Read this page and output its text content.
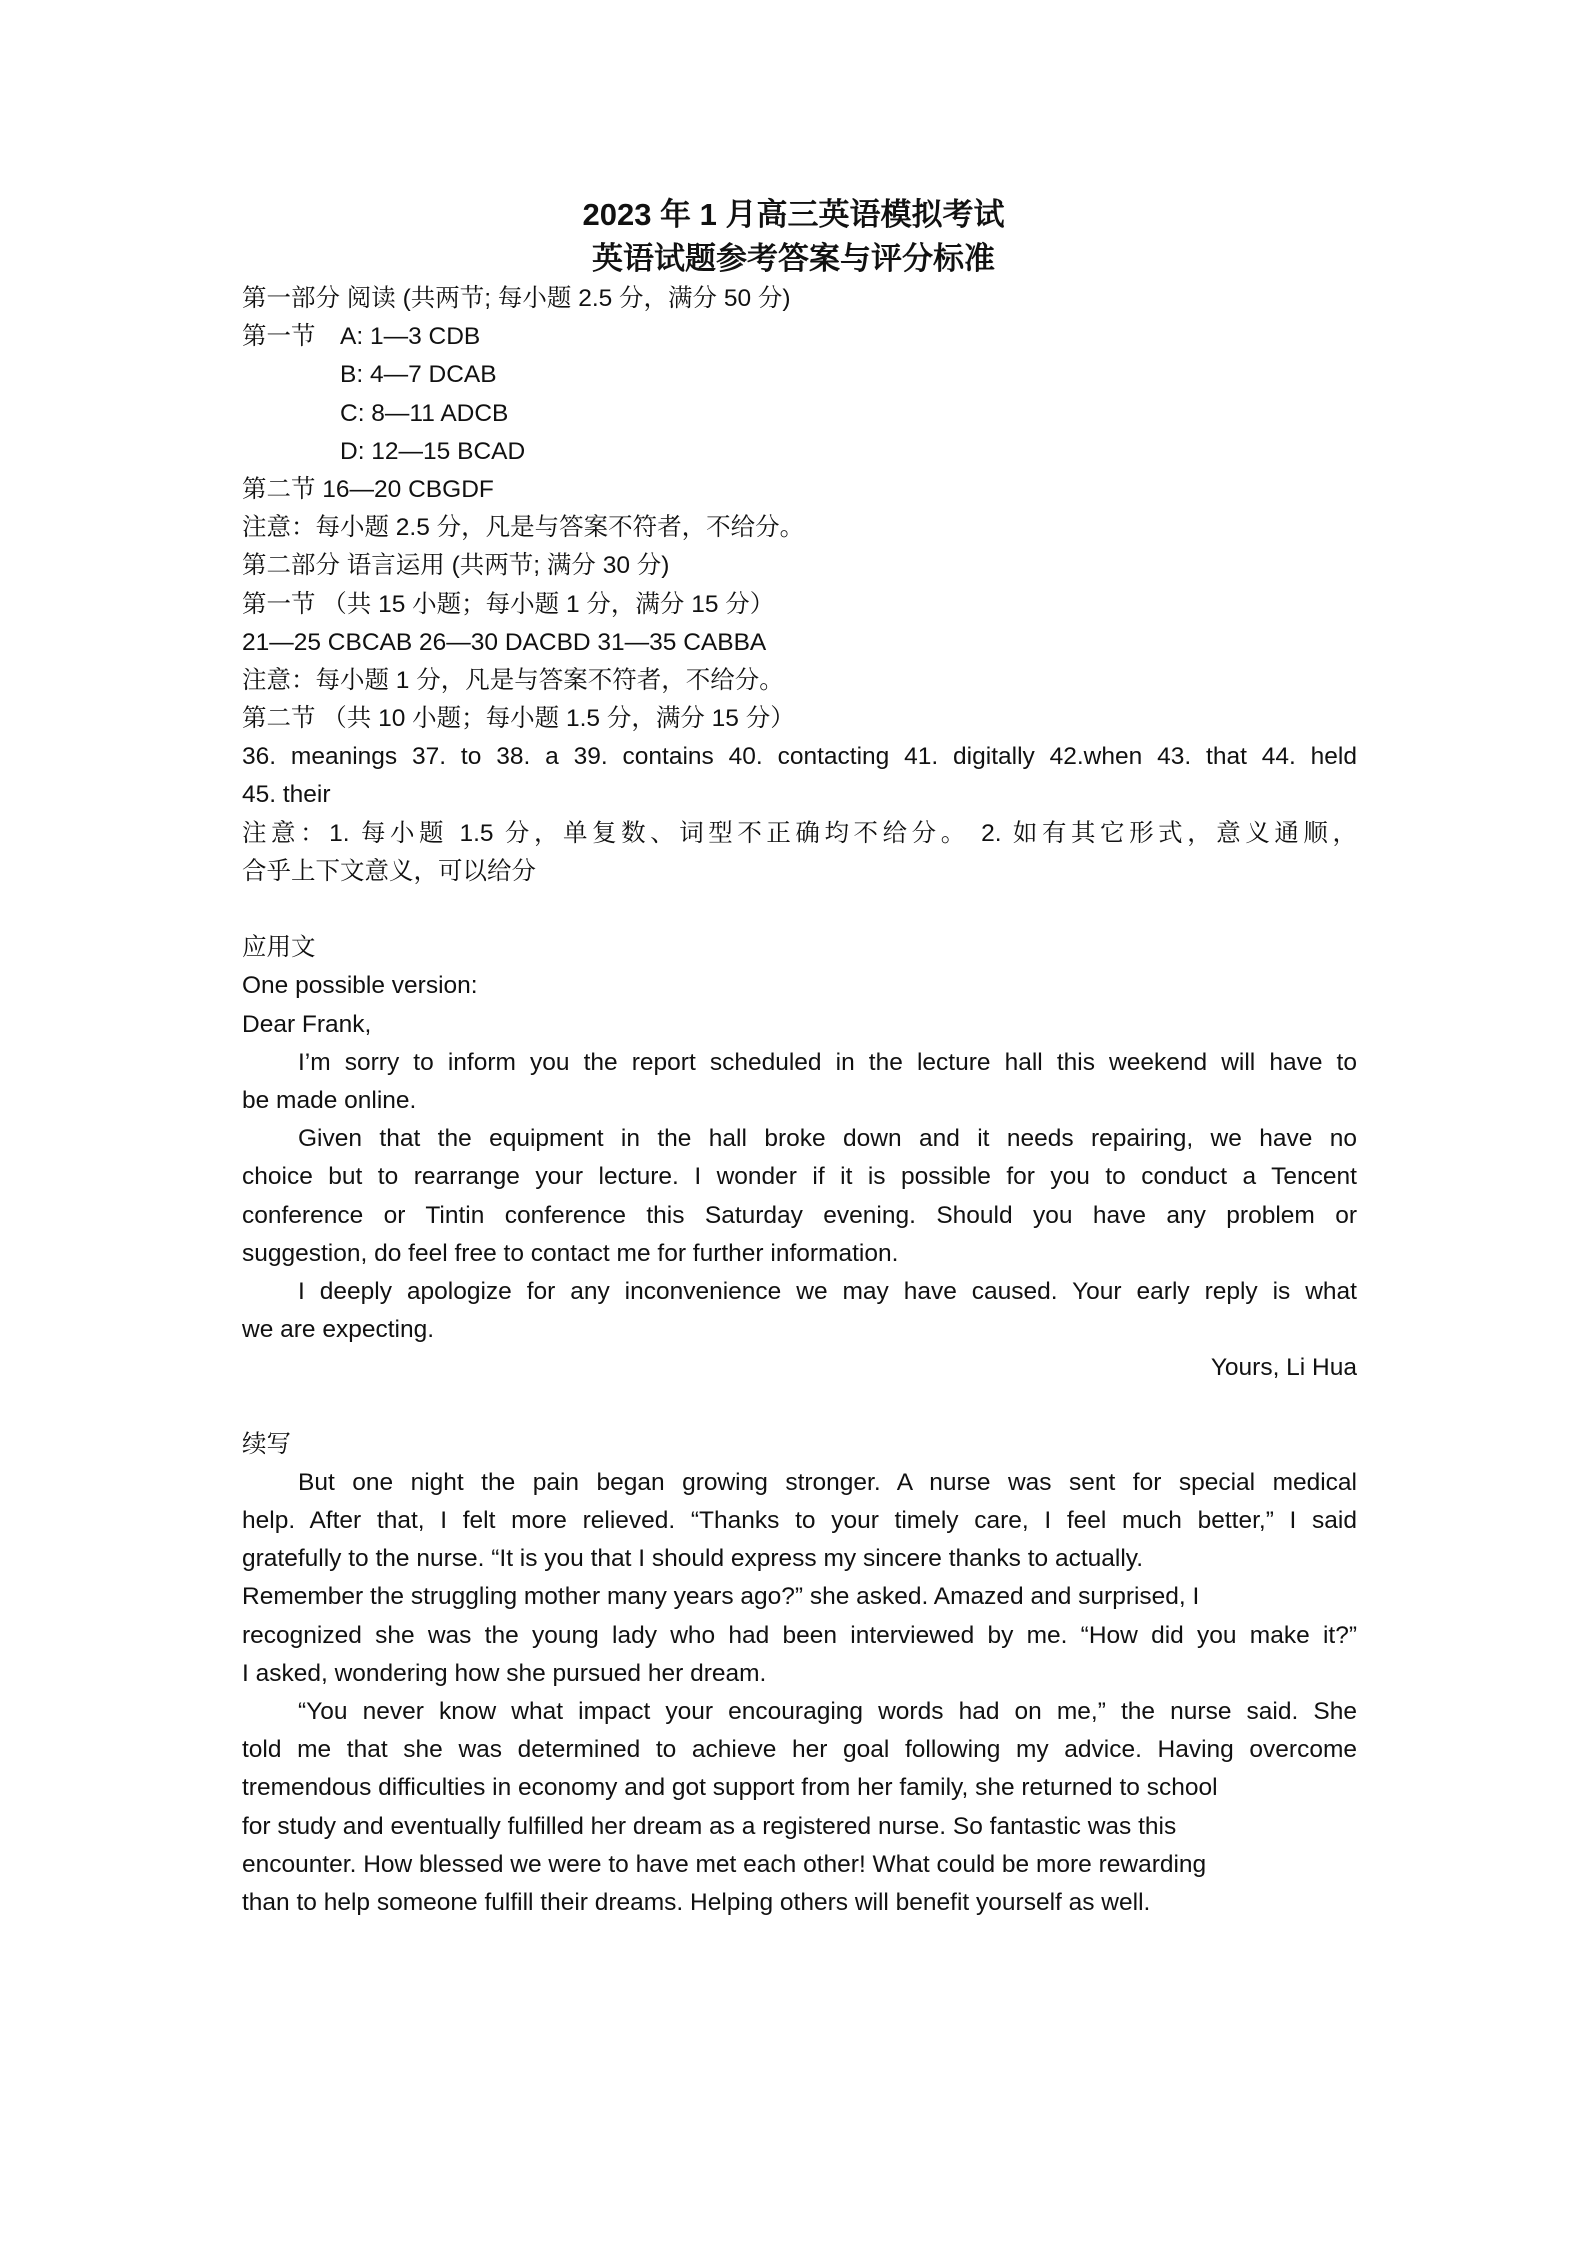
2023 年 1 月高三英语模拟考试
英语试题参考答案与评分标准
第一部分 阅读 (共两节; 每小题 2.5 分，满分 50 分)
第一节 A: 1—3 CDB
B: 4—7 DCAB
C: 8—11 ADCB
D: 12—15 BCAD
第二节 16—20 CBGDF
注意：每小题 2.5 分，凡是与答案不符者，不给分。
第二部分 语言运用 (共两节; 满分 30 分)
第一节 （共 15 小题；每小题 1 分，满分 15 分）
21—25 CBCAB 26—30 DACBD 31—35 CABBA
注意：每小题 1 分，凡是与答案不符者，不给分。
第二节 （共 10 小题；每小题 1.5 分，满分 15 分）
36. meanings 37. to 38. a 39. contains 40. contacting 41. digitally 42.when 43. that 44. held
45. their
注意：1. 每小题 1.5 分，单复数、词型不正确均不给分。 2. 如有其它形式，意义通顺，
合乎上下文意义，可以给分
应用文
One possible version:
Dear Frank,
I’m sorry to inform you the report scheduled in the lecture hall this weekend will have to
be made online.
Given that the equipment in the hall broke down and it needs repairing, we have no
choice but to rearrange your lecture. I wonder if it is possible for you to conduct a Tencent
conference or Tintin conference this Saturday evening. Should you have any problem or
suggestion, do feel free to contact me for further information.
I deeply apologize for any inconvenience we may have caused. Your early reply is what
we are expecting.
Yours, Li Hua
续写
But one night the pain began growing stronger. A nurse was sent for special medical
help. After that, I felt more relieved. “Thanks to your timely care, I feel much better,” I said
gratefully to the nurse. “It is you that I should express my sincere thanks to actually.
Remember the struggling mother many years ago?” she asked. Amazed and surprised, I
recognized she was the young lady who had been interviewed by me. “How did you make it?”
I asked, wondering how she pursued her dream.
“You never know what impact your encouraging words had on me,” the nurse said. She
told me that she was determined to achieve her goal following my advice. Having overcome
tremendous difficulties in economy and got support from her family, she returned to school
for study and eventually fulfilled her dream as a registered nurse. So fantastic was this
encounter. How blessed we were to have met each other! What could be more rewarding
than to help someone fulfill their dreams. Helping others will benefit yourself as well.
